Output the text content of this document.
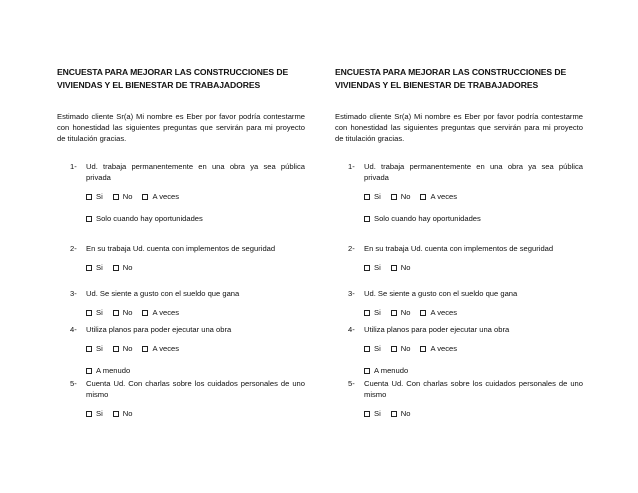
ENCUESTA PARA MEJORAR LAS CONSTRUCCIONES DE VIVIENDAS Y EL BIENESTAR DE TRABAJADORES

Estimado cliente Sr(a) Mi nombre es Eber por favor podría contestarme con honestidad las siguientes preguntas que servirán para mi proyecto de titulación gracias.

1- Ud. trabaja permanentemente en una obra ya sea pública privada
Si	No	A veces
Solo cuando hay oportunidades
2- En su trabaja Ud. cuenta con implementos de seguridad
Si	No
3- Ud. Se siente a gusto con el sueldo que gana
Si	No	A veces
4- Utiliza planos para poder ejecutar una obra
Si	No	A veces
A menudo
5- Cuenta Ud. Con charlas sobre los cuidados personales de uno mismo
Si	No

ENCUESTA PARA MEJORAR LAS CONSTRUCCIONES DE VIVIENDAS Y EL BIENESTAR DE TRABAJADORES

Estimado cliente Sr(a) Mi nombre es Eber por favor podría contestarme con honestidad las siguientes preguntas que servirán para mi proyecto de titulación gracias.

1- Ud. trabaja permanentemente en una obra ya sea pública privada
Si	No	A veces
Solo cuando hay oportunidades
2- En su trabaja Ud. cuenta con implementos de seguridad
Si	No
3- Ud. Se siente a gusto con el sueldo que gana
Si	No	A veces
4- Utiliza planos para poder ejecutar una obra
Si	No	A veces
A menudo
5- Cuenta Ud. Con charlas sobre los cuidados personales de uno mismo
Si	No
